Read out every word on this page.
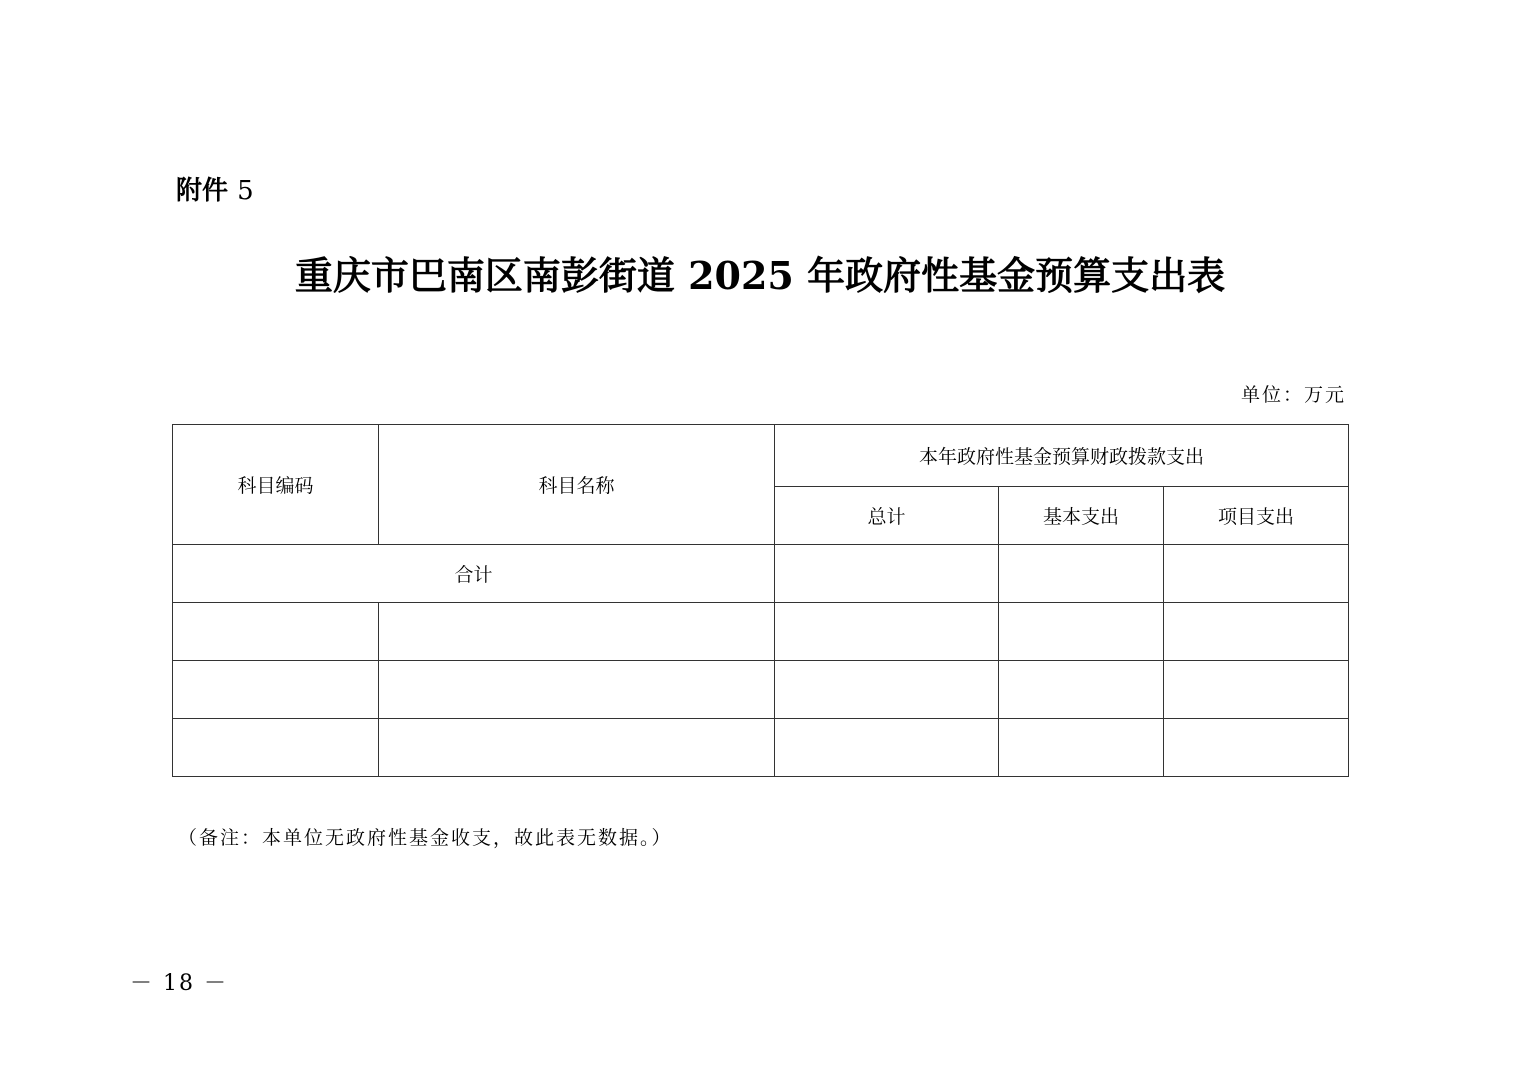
附件 5
重庆市巴南区南彭街道 2025 年政府性基金预算支出表
单位：万元
科目编码	科目名称	本年政府性基金预算财政拨款支出		
		总计	基本支出	项目支出
合计				

（备注：本单位无政府性基金收支，故此表无数据。）
－ 18 －
